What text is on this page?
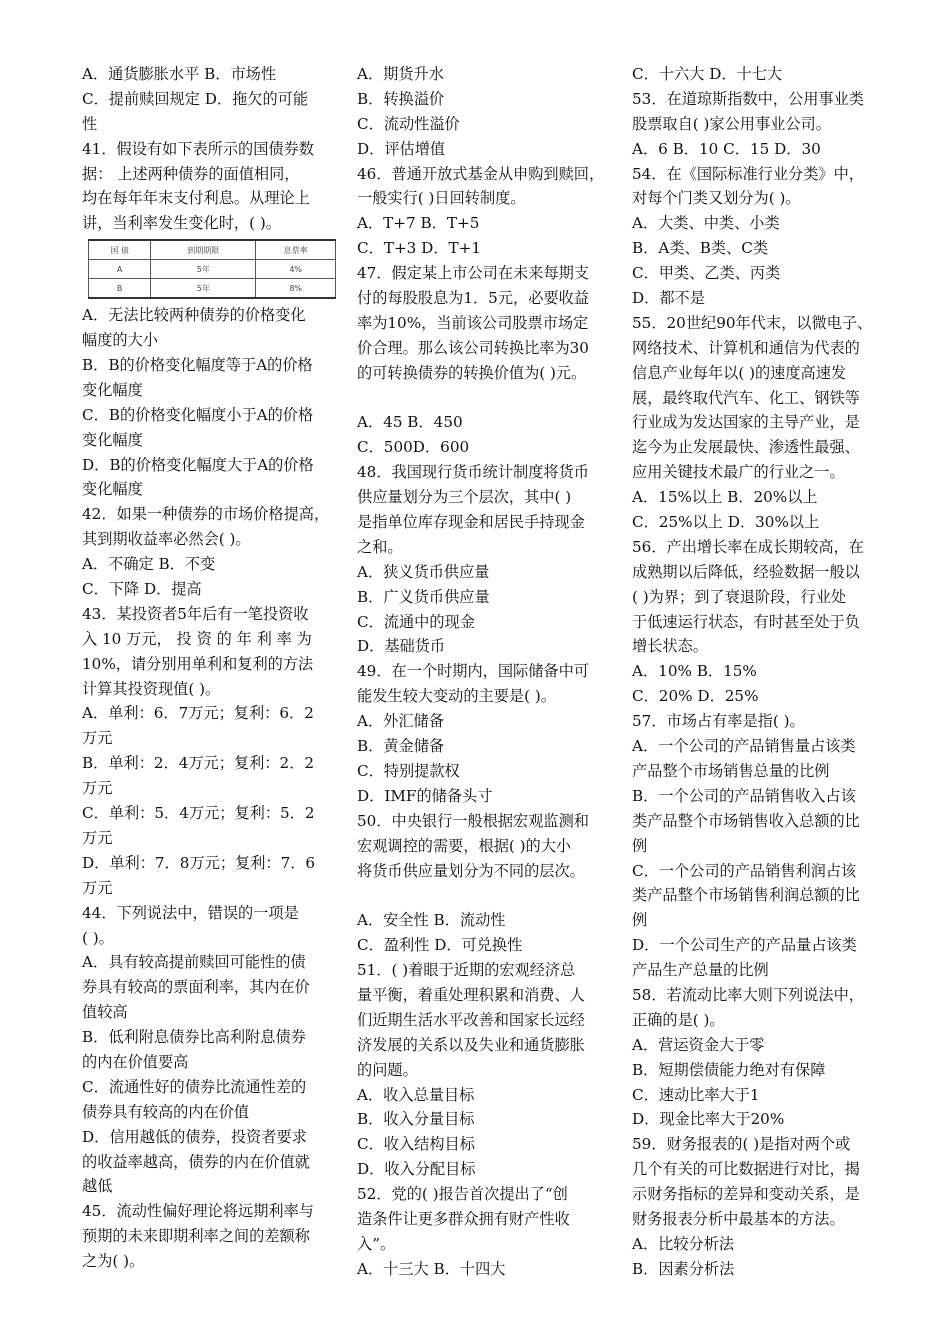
A．通货膨胀水平 B．市场性
C．提前赎回规定 D．拖欠的可能
性
41．假设有如下表所示的国债券数
据： 上述两种债券的面值相同，
均在每年年末支付利息。从理论上
讲，当利率发生变化时，( )。
国 债	到期期限	息票率
A	5年	4%
B	5年	8%
A．无法比较两种债券的价格变化
幅度的大小
B．B的价格变化幅度等于A的价格
变化幅度
C．B的价格变化幅度小于A的价格
变化幅度
D．B的价格变化幅度大于A的价格
变化幅度
42．如果一种债券的市场价格提高，
其到期收益率必然会( )。
A．不确定 B．不变
C．下降 D．提高
43．某投资者5年后有一笔投资收
入 10 万元， 投 资 的 年 利 率 为
10%，请分别用单利和复利的方法
计算其投资现值( )。
A．单利：6．7万元；复利：6．2
万元
B．单利：2．4万元；复利：2．2
万元
C．单利：5．4万元；复利：5．2
万元
D．单利：7．8万元；复利：7．6
万元
44．下列说法中，错误的一项是
( )。
A．具有较高提前赎回可能性的债
券具有较高的票面利率，其内在价
值较高
B．低利附息债券比高利附息债券
的内在价值要高
C．流通性好的债券比流通性差的
债券具有较高的内在价值
D．信用越低的债券，投资者要求
的收益率越高，债券的内在价值就
越低
45．流动性偏好理论将远期利率与
预期的未来即期利率之间的差额称
之为( )。
A．期货升水
B．转换溢价
C．流动性溢价
D．评估增值
46．普通开放式基金从申购到赎回，
一般实行( )日回转制度。
A．T+7 B．T+5
C．T+3 D．T+1
47．假定某上市公司在未来每期支
付的每股股息为1．5元，必要收益
率为10%，当前该公司股票市场定
价合理。那么该公司转换比率为30
的可转换债券的转换价值为( )元。
A．45 B．450
C．500D．600
48．我国现行货币统计制度将货币
供应量划分为三个层次，其中( )
是指单位库存现金和居民手持现金
之和。
A．狭义货币供应量
B．广义货币供应量
C．流通中的现金
D．基础货币
49．在一个时期内，国际储备中可
能发生较大变动的主要是( )。
A．外汇储备
B．黄金储备
C．特别提款权
D．IMF的储备头寸
50．中央银行一般根据宏观监测和
宏观调控的需要，根据( )的大小
将货币供应量划分为不同的层次。
A．安全性 B．流动性
C．盈利性 D．可兑换性
51．( )着眼于近期的宏观经济总
量平衡，着重处理积累和消费、人
们近期生活水平改善和国家长远经
济发展的关系以及失业和通货膨胀
的问题。
A．收入总量目标
B．收入分量目标
C．收入结构目标
D．收入分配目标
52．党的( )报告首次提出了“创
造条件让更多群众拥有财产性收
入”。
A．十三大 B．十四大
C．十六大 D．十七大
53．在道琼斯指数中，公用事业类
股票取自( )家公用事业公司。
A．6 B．10 C．15 D．30
54．在《国际标准行业分类》中，
对每个门类又划分为( )。
A．大类、中类、小类
B．A类、B类、C类
C．甲类、乙类、丙类
D．都不是
55．20世纪90年代末，以微电子、
网络技术、计算机和通信为代表的
信息产业每年以( )的速度高速发
展，最终取代汽车、化工、钢铁等
行业成为发达国家的主导产业，是
迄今为止发展最快、渗透性最强、
应用关键技术最广的行业之一。
A．15%以上 B．20%以上
C．25%以上 D．30%以上
56．产出增长率在成长期较高，在
成熟期以后降低，经验数据一般以
( )为界；到了衰退阶段，行业处
于低速运行状态，有时甚至处于负
增长状态。
A．10% B．15%
C．20% D．25%
57．市场占有率是指( )。
A．一个公司的产品销售量占该类
产品整个市场销售总量的比例
B．一个公司的产品销售收入占该
类产品整个市场销售收入总额的比
例
C．一个公司的产品销售利润占该
类产品整个市场销售利润总额的比
例
D．一个公司生产的产品量占该类
产品生产总量的比例
58．若流动比率大则下列说法中，
正确的是( )。
A．营运资金大于零
B．短期偿债能力绝对有保障
C．速动比率大于1
D．现金比率大于20%
59．财务报表的( )是指对两个或
几个有关的可比数据进行对比，揭
示财务指标的差异和变动关系，是
财务报表分析中最基本的方法。
A．比较分析法
B．因素分析法
